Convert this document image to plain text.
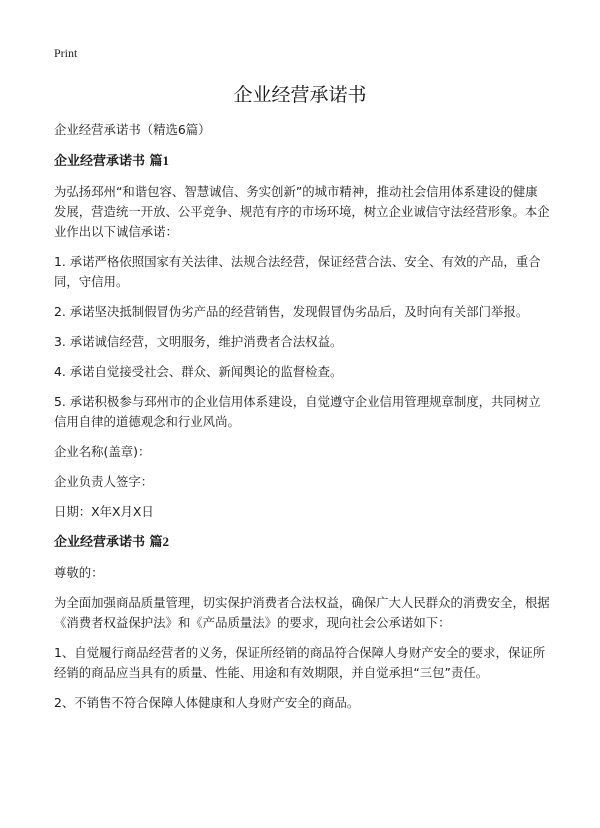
Print
企业经营承诺书

企业经营承诺书（精选6篇）

企业经营承诺书 篇1

为弘扬邳州“和谐包容、智慧诚信、务实创新”的城市精神，推动社会信用体系建设的健康发展，营造统一开放、公平竞争、规范有序的市场环境，树立企业诚信守法经营形象。本企业作出以下诚信承诺：

1. 承诺严格依照国家有关法律、法规合法经营，保证经营合法、安全、有效的产品，重合同，守信用。

2. 承诺坚决抵制假冒伪劣产品的经营销售，发现假冒伪劣品后，及时向有关部门举报。

3. 承诺诚信经营，文明服务，维护消费者合法权益。

4. 承诺自觉接受社会、群众、新闻舆论的监督检查。

5. 承诺积极参与邳州市的企业信用体系建设，自觉遵守企业信用管理规章制度，共同树立信用自律的道德观念和行业风尚。

企业名称(盖章)：

企业负责人签字：

日期：X年X月X日

企业经营承诺书 篇2

尊敬的：

为全面加强商品质量管理，切实保护消费者合法权益，确保广大人民群众的消费安全，根据《消费者权益保护法》和《产品质量法》的要求，现向社会公承诺如下：

1、自觉履行商品经营者的义务，保证所经销的商品符合保障人身财产安全的要求，保证所经销的商品应当具有的质量、性能、用途和有效期限，并自觉承担“三包”责任。

2、不销售不符合保障人体健康和人身财产安全的商品。
